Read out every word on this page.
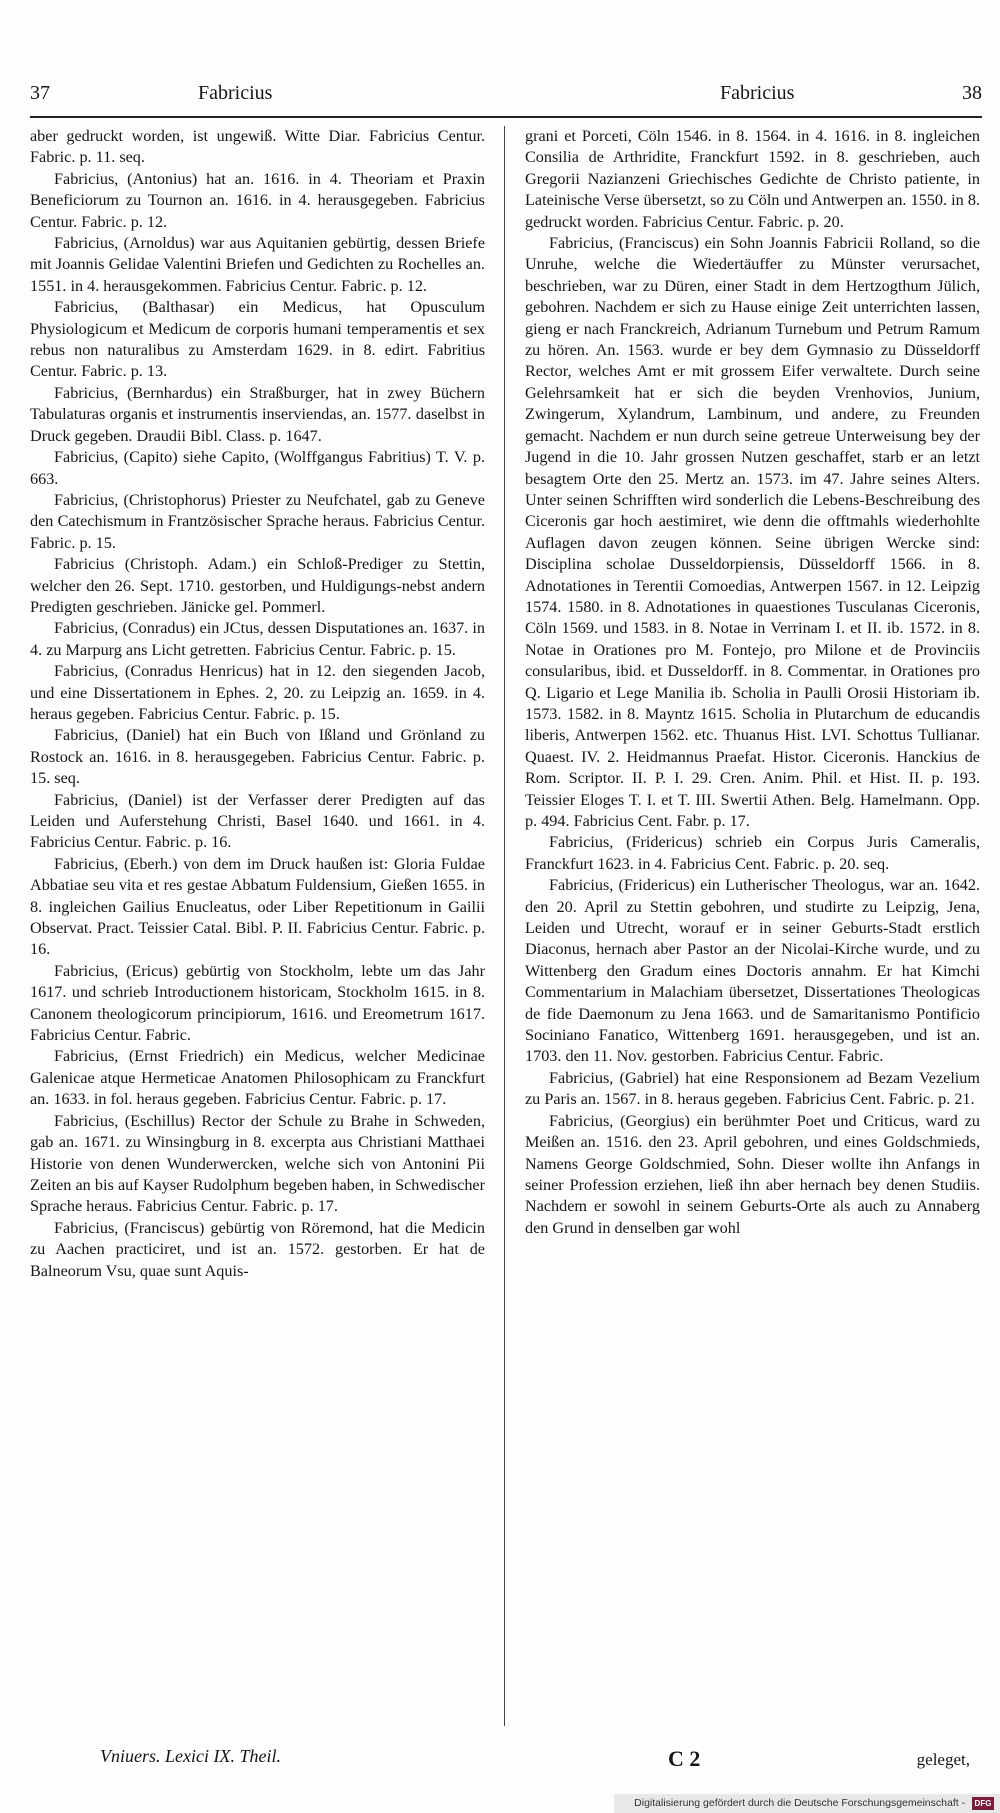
37	Fabricius	Fabricius	38

aber gedruckt worden, ist ungewiß. Witte Diar. Fabricius Centur. Fabric. p. 11. seq.

Fabricius, (Antonius) hat an. 1616. in 4. Theoriam et Praxin Beneficiorum zu Tournon an. 1616. in 4. herausgegeben. Fabricius Centur. Fabric. p. 12.

Fabricius, (Arnoldus) war aus Aquitanien gebürtig, dessen Briefe mit Joannis Gelidae Valentini Briefen und Gedichten zu Rochelles an. 1551. in 4. herausgekommen. Fabricius Centur. Fabric. p. 12.

Fabricius, (Balthasar) ein Medicus, hat Opusculum Physiologicum et Medicum de corporis humani temperamentis et sex rebus non naturalibus zu Amsterdam 1629. in 8. edirt. Fabritius Centur. Fabric. p. 13.

Fabricius, (Bernhardus) ein Straßburger, hat in zwey Büchern Tabulaturas organis et instrumentis inserviendas, an. 1577. daselbst in Druck gegeben. Draudii Bibl. Class. p. 1647.

Fabricius, (Capito) siehe Capito, (Wolffgangus Fabritius) T. V. p. 663.

Fabricius, (Christophorus) Priester zu Neufchatel, gab zu Geneve den Catechismum in Frantzösischer Sprache heraus. Fabricius Centur. Fabric. p. 15.

Fabricius (Christoph. Adam.) ein Schloß-Prediger zu Stettin, welcher den 26. Sept. 1710. gestorben, und Huldigungs-nebst andern Predigten geschrieben. Jänicke gel. Pommerl.

Fabricius, (Conradus) ein JCtus, dessen Disputationes an. 1637. in 4. zu Marpurg ans Licht getretten. Fabricius Centur. Fabric. p. 15.

Fabricius, (Conradus Henricus) hat in 12. den siegenden Jacob, und eine Dissertationem in Ephes. 2, 20. zu Leipzig an. 1659. in 4. heraus gegeben. Fabricius Centur. Fabric. p. 15.

Fabricius, (Daniel) hat ein Buch von Ißland und Grönland zu Rostock an. 1616. in 8. herausgegeben. Fabricius Centur. Fabric. p. 15. seq.

Fabricius, (Daniel) ist der Verfasser derer Predigten auf das Leiden und Auferstehung Christi, Basel 1640. und 1661. in 4. Fabricius Centur. Fabric. p. 16.

Fabricius, (Eberh.) von dem im Druck haußen ist: Gloria Fuldae Abbatiae seu vita et res gestae Abbatum Fuldensium, Gießen 1655. in 8. ingleichen Gailius Enucleatus, oder Liber Repetitionum in Gailii Observat. Pract. Teissier Catal. Bibl. P. II. Fabricius Centur. Fabric. p. 16.

Fabricius, (Ericus) gebürtig von Stockholm, lebte um das Jahr 1617. und schrieb Introductionem historicam, Stockholm 1615. in 8. Canonem theologicorum principiorum, 1616. und Ereometrum 1617. Fabricius Centur. Fabric.

Fabricius, (Ernst Friedrich) ein Medicus, welcher Medicinae Galenicae atque Hermeticae Anatomen Philosophicam zu Franckfurt an. 1633. in fol. heraus gegeben. Fabricius Centur. Fabric. p. 17.

Fabricius, (Eschillus) Rector der Schule zu Brahe in Schweden, gab an. 1671. zu Winsingburg in 8. excerpta aus Christiani Matthaei Historie von denen Wunderwercken, welche sich von Antonini Pii Zeiten an bis auf Kayser Rudolphum begeben haben, in Schwedischer Sprache heraus. Fabricius Centur. Fabric. p. 17.

Fabricius, (Franciscus) gebürtig von Röremond, hat die Medicin zu Aachen practiciret, und ist an. 1572. gestorben. Er hat de Balneorum Vsu, quae sunt Aquis-

grani et Porceti, Cöln 1546. in 8. 1564. in 4. 1616. in 8. ingleichen Consilia de Arthridite, Franckfurt 1592. in 8. geschrieben, auch Gregorii Nazianzeni Griechisches Gedichte de Christo patiente, in Lateinische Verse übersetzt, so zu Cöln und Antwerpen an. 1550. in 8. gedruckt worden. Fabricius Centur. Fabric. p. 20.

Fabricius, (Franciscus) ein Sohn Joannis Fabricii Rolland, so die Unruhe, welche die Wiedertäuffer zu Münster verursachet, beschrieben, war zu Düren, einer Stadt in dem Hertzogthum Jülich, gebohren. Nachdem er sich zu Hause einige Zeit unterrichten lassen, gieng er nach Franckreich, Adrianum Turnebum und Petrum Ramum zu hören. An. 1563. wurde er bey dem Gymnasio zu Düsseldorff Rector, welches Amt er mit grossem Eifer verwaltete. Durch seine Gelehrsamkeit hat er sich die beyden Vrenhovios, Junium, Zwingerum, Xylandrum, Lambinum, und andere, zu Freunden gemacht. Nachdem er nun durch seine getreue Unterweisung bey der Jugend in die 10. Jahr grossen Nutzen geschaffet, starb er an letzt besagtem Orte den 25. Mertz an. 1573. im 47. Jahre seines Alters. Unter seinen Schrifften wird sonderlich die Lebens-Beschreibung des Ciceronis gar hoch aestimiret, wie denn die offtmahls wiederhohlte Auflagen davon zeugen können. Seine übrigen Wercke sind: Disciplina scholae Dusseldorpiensis, Düsseldorff 1566. in 8. Adnotationes in Terentii Comoedias, Antwerpen 1567. in 12. Leipzig 1574. 1580. in 8. Adnotationes in quaestiones Tusculanas Ciceronis, Cöln 1569. und 1583. in 8. Notae in Verrinam I. et II. ib. 1572. in 8. Notae in Orationes pro M. Fontejo, pro Milone et de Provinciis consularibus, ibid. et Dusseldorff. in 8. Commentar. in Orationes pro Q. Ligario et Lege Manilia ib. Scholia in Paulli Orosii Historiam ib. 1573. 1582. in 8. Mayntz 1615. Scholia in Plutarchum de educandis liberis, Antwerpen 1562. etc. Thuanus Hist. LVI. Schottus Tullianar. Quaest. IV. 2. Heidmannus Praefat. Histor. Ciceronis. Hanckius de Rom. Scriptor. II. P. I. 29. Cren. Anim. Phil. et Hist. II. p. 193. Teissier Eloges T. I. et T. III. Swertii Athen. Belg. Hamelmann. Opp. p. 494. Fabricius Cent. Fabr. p. 17.

Fabricius, (Fridericus) schrieb ein Corpus Juris Cameralis, Franckfurt 1623. in 4. Fabricius Cent. Fabric. p. 20. seq.

Fabricius, (Fridericus) ein Lutherischer Theologus, war an. 1642. den 20. April zu Stettin gebohren, und studirte zu Leipzig, Jena, Leiden und Utrecht, worauf er in seiner Geburts-Stadt erstlich Diaconus, hernach aber Pastor an der Nicolai-Kirche wurde, und zu Wittenberg den Gradum eines Doctoris annahm. Er hat Kimchi Commentarium in Malachiam übersetzet, Dissertationes Theologicas de fide Daemonum zu Jena 1663. und de Samaritanismo Pontificio Sociniano Fanatico, Wittenberg 1691. herausgegeben, und ist an. 1703. den 11. Nov. gestorben. Fabricius Centur. Fabric.

Fabricius, (Gabriel) hat eine Responsionem ad Bezam Vezelium zu Paris an. 1567. in 8. heraus gegeben. Fabricius Cent. Fabric. p. 21.

Fabricius, (Georgius) ein berühmter Poet und Criticus, ward zu Meißen an. 1516. den 23. April gebohren, und eines Goldschmieds, Namens George Goldschmied, Sohn. Dieser wollte ihn Anfangs in seiner Profession erziehen, ließ ihn aber hernach bey denen Studiis. Nachdem er sowohl in seinem Geburts-Orte als auch zu Annaberg den Grund in denselben gar wohl

Vniuers. Lexici IX. Theil.	C 2	geleget,
Digitalisierung gefördert durch die Deutsche Forschungsgemeinschaft - DFG
